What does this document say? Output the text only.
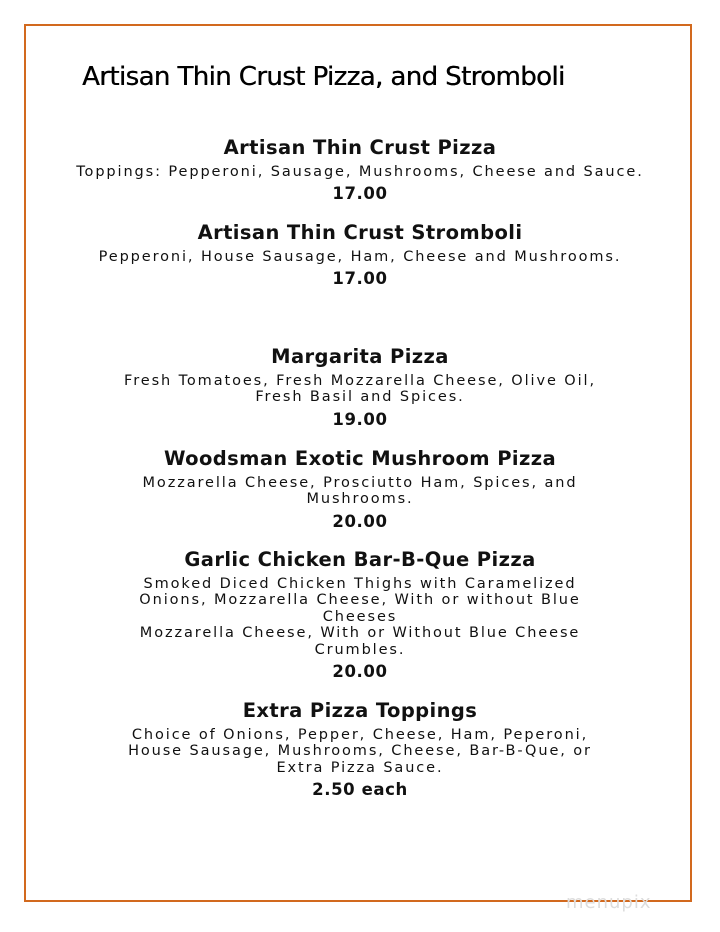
Artisan Thin Crust Pizza, and Stromboli
Artisan Thin Crust Pizza

Toppings: Pepperoni, Sausage, Mushrooms, Cheese and Sauce.

17.00

Artisan Thin Crust Stromboli

Pepperoni, House Sausage, Ham, Cheese and Mushrooms.

17.00

Margarita Pizza

Fresh Tomatoes, Fresh Mozzarella Cheese, Olive Oil,
Fresh Basil and Spices.

19.00

Woodsman Exotic Mushroom Pizza

Mozzarella Cheese, Prosciutto Ham, Spices, and
Mushrooms.

20.00

Garlic Chicken Bar-B-Que Pizza

Smoked Diced Chicken Thighs with Caramelized
Onions, Mozzarella Cheese, With or without Blue
Cheeses
Mozzarella Cheese, With or Without Blue Cheese
Crumbles.

20.00

Extra Pizza Toppings

Choice of Onions, Pepper, Cheese, Ham, Peperoni,
House Sausage, Mushrooms, Cheese, Bar-B-Que, or
Extra Pizza Sauce.

2.50 each

menupix
